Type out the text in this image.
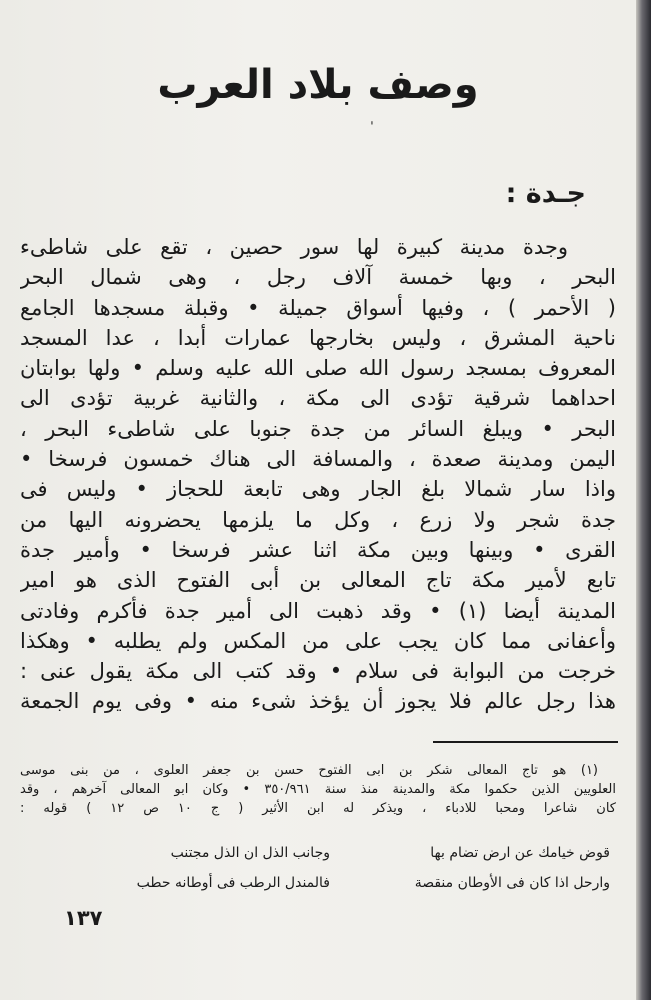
وصف بلاد العرب
ˈ
جـدة :
وجدة مدينة كبيرة لها سور حصين ، تقع على شاطىء
البحر ، وبها خمسة آلاف رجل ، وهى شمال البحر
( الأحمر ) ، وفيها أسواق جميلة • وقبلة مسجدها الجامع
ناحية المشرق ، وليس بخارجها عمارات أبدا ، عدا المسجد
المعروف بمسجد رسول الله صلى الله عليه وسلم • ولها بوابتان
احداهما شرقية تؤدى الى مكة ، والثانية غربية تؤدى الى
البحر • ويبلغ السائر من جدة جنوبا على شاطىء البحر ،
اليمن ومدينة صعدة ، والمسافة الى هناك خمسون فرسخا •
واذا سار شمالا بلغ الجار وهى تابعة للحجاز • وليس فى
جدة شجر ولا زرع ، وكل ما يلزمها يحضرونه اليها من
القرى • وبينها وبين مكة اثنا عشر فرسخا • وأمير جدة
تابع لأمير مكة تاج المعالى بن أبى الفتوح الذى هو امير
المدينة أيضا (١) • وقد ذهبت الى أمير جدة فأكرم وفادتى
وأعفانى مما كان يجب على من المكس ولم يطلبه • وهكذا
خرجت من البوابة فى سلام • وقد كتب الى مكة يقول عنى :
هذا رجل عالم فلا يجوز أن يؤخذ شىء منه • وفى يوم الجمعة
(١) هو تاج المعالى شكر بن ابى الفتوح حسن بن جعفر العلوى ، من بنى موسى
العلويين الذين حكموا مكة والمدينة منذ سنة ٣٥٠/٩٦١ • وكان ابو المعالى آخرهم ، وقد
كان شاعرا ومحبا للادباء ، ويذكر له ابن الأثير ( ج ١٠ ص ١٢ ) قوله :
قوض خيامك عن ارض تضام بها
وجانب الذل ان الذل مجتنب
وارحل اذا كان فى الأوطان منقصة
فالمندل الرطب فى أوطانه حطب
١٣٧
